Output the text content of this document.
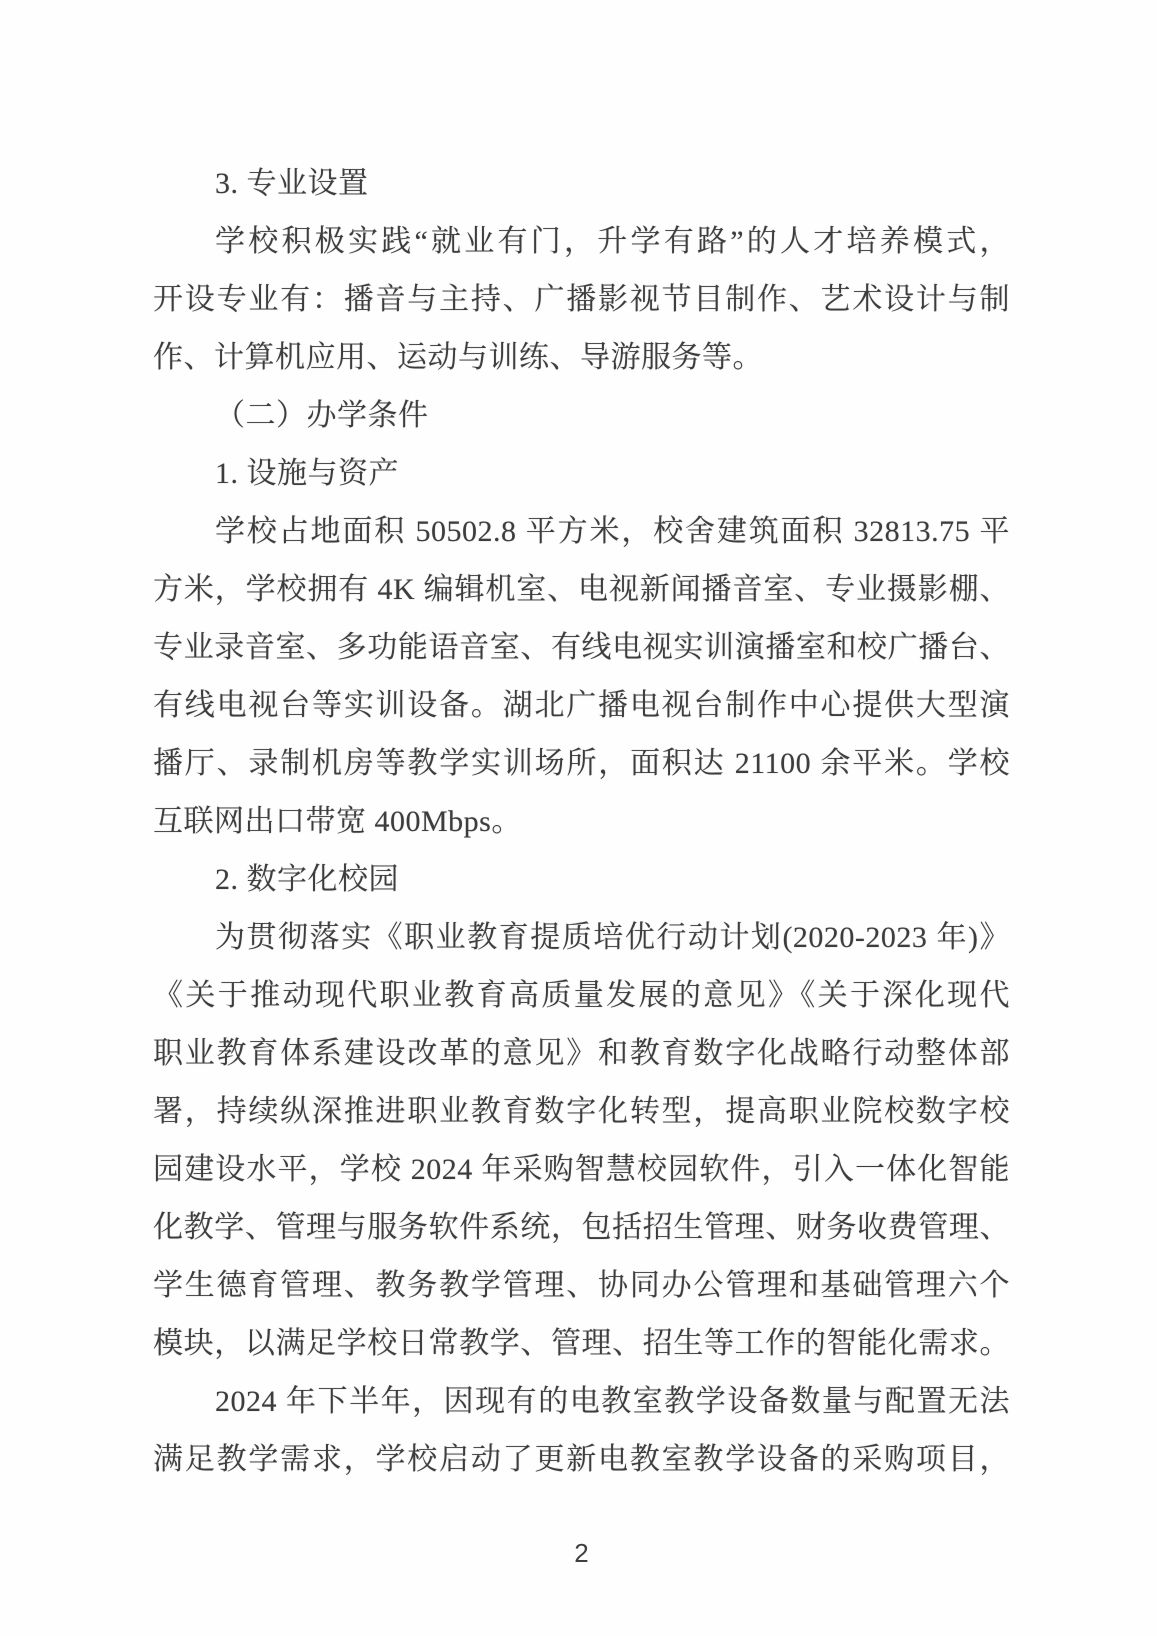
3. 专业设置
学校积极实践“就业有门，升学有路”的人才培养模式，
开设专业有：播音与主持、广播影视节目制作、艺术设计与制
作、计算机应用、运动与训练、导游服务等。
（二）办学条件
1. 设施与资产
学校占地面积 50502.8 平方米，校舍建筑面积 32813.75 平
方米，学校拥有 4K 编辑机室、电视新闻播音室、专业摄影棚、
专业录音室、多功能语音室、有线电视实训演播室和校广播台、
有线电视台等实训设备。湖北广播电视台制作中心提供大型演
播厅、录制机房等教学实训场所，面积达 21100 余平米。学校
互联网出口带宽 400Mbps。
2. 数字化校园
为贯彻落实《职业教育提质培优行动计划(2020-2023 年)》
《关于推动现代职业教育高质量发展的意见》《关于深化现代
职业教育体系建设改革的意见》和教育数字化战略行动整体部
署，持续纵深推进职业教育数字化转型，提高职业院校数字校
园建设水平，学校 2024 年采购智慧校园软件，引入一体化智能
化教学、管理与服务软件系统，包括招生管理、财务收费管理、
学生德育管理、教务教学管理、协同办公管理和基础管理六个
模块，以满足学校日常教学、管理、招生等工作的智能化需求。
2024 年下半年，因现有的电教室教学设备数量与配置无法
满足教学需求，学校启动了更新电教室教学设备的采购项目，
2
